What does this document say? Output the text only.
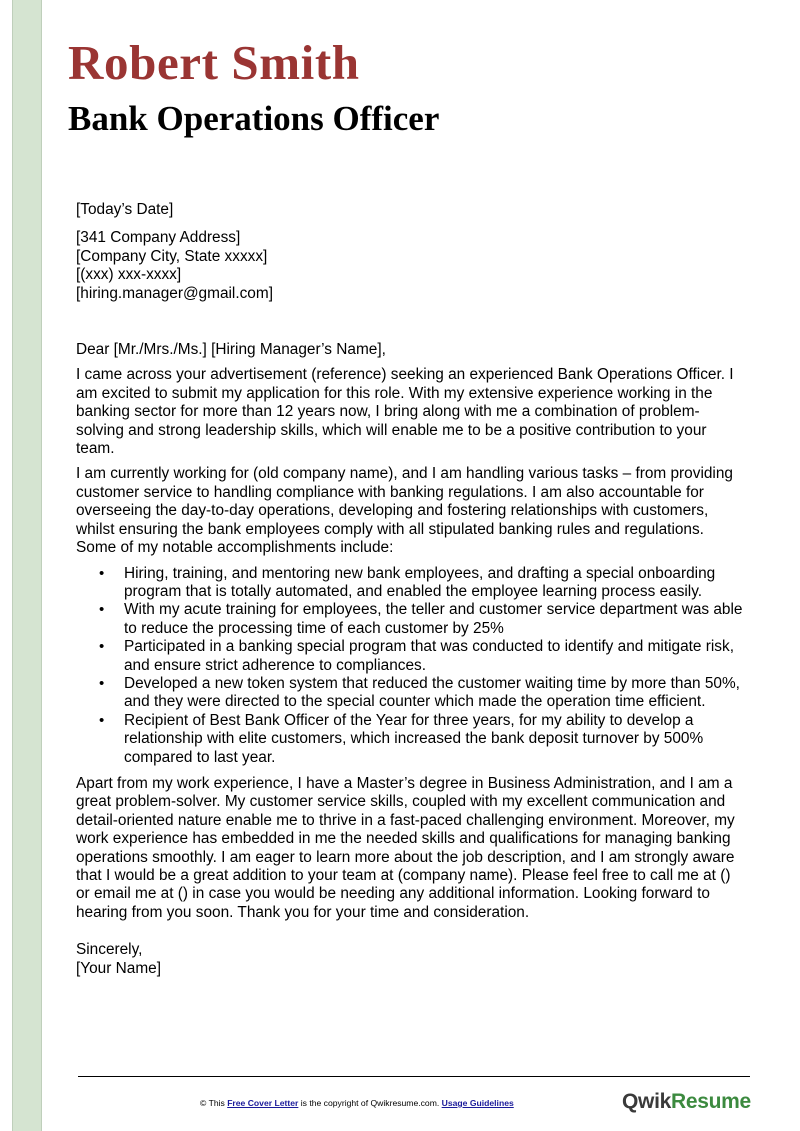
Robert Smith
Bank Operations Officer

[Today’s Date]

[341 Company Address]

[Company City, State xxxxx]

[(xxx) xxx-xxxx]

[hiring.manager@gmail.com]

Dear [Mr./Mrs./Ms.] [Hiring Manager’s Name],

I came across your advertisement (reference) seeking an experienced Bank Operations Officer. I am excited to submit my application for this role. With my extensive experience working in the banking sector for more than 12 years now, I bring along with me a combination of problem-solving and strong leadership skills, which will enable me to be a positive contribution to your team.

I am currently working for (old company name), and I am handling various tasks – from providing customer service to handling compliance with banking regulations. I am also accountable for overseeing the day-to-day operations, developing and fostering relationships with customers, whilst ensuring the bank employees comply with all stipulated banking rules and regulations. Some of my notable accomplishments include:

• Hiring, training, and mentoring new bank employees, and drafting a special onboarding program that is totally automated, and enabled the employee learning process easily.
• With my acute training for employees, the teller and customer service department was able to reduce the processing time of each customer by 25%
• Participated in a banking special program that was conducted to identify and mitigate risk, and ensure strict adherence to compliances.
• Developed a new token system that reduced the customer waiting time by more than 50%, and they were directed to the special counter which made the operation time efficient.
• Recipient of Best Bank Officer of the Year for three years, for my ability to develop a relationship with elite customers, which increased the bank deposit turnover by 500% compared to last year.

Apart from my work experience, I have a Master’s degree in Business Administration, and I am a great problem-solver. My customer service skills, coupled with my excellent communication and detail-oriented nature enable me to thrive in a fast-paced challenging environment. Moreover, my work experience has embedded in me the needed skills and qualifications for managing banking operations smoothly. I am eager to learn more about the job description, and I am strongly aware that I would be a great addition to your team at (company name). Please feel free to call me at () or email me at () in case you would be needing any additional information. Looking forward to hearing from you soon. Thank you for your time and consideration.

Sincerely,

[Your Name]

© This Free Cover Letter is the copyright of Qwikresume.com. Usage Guidelines	QwikResume
